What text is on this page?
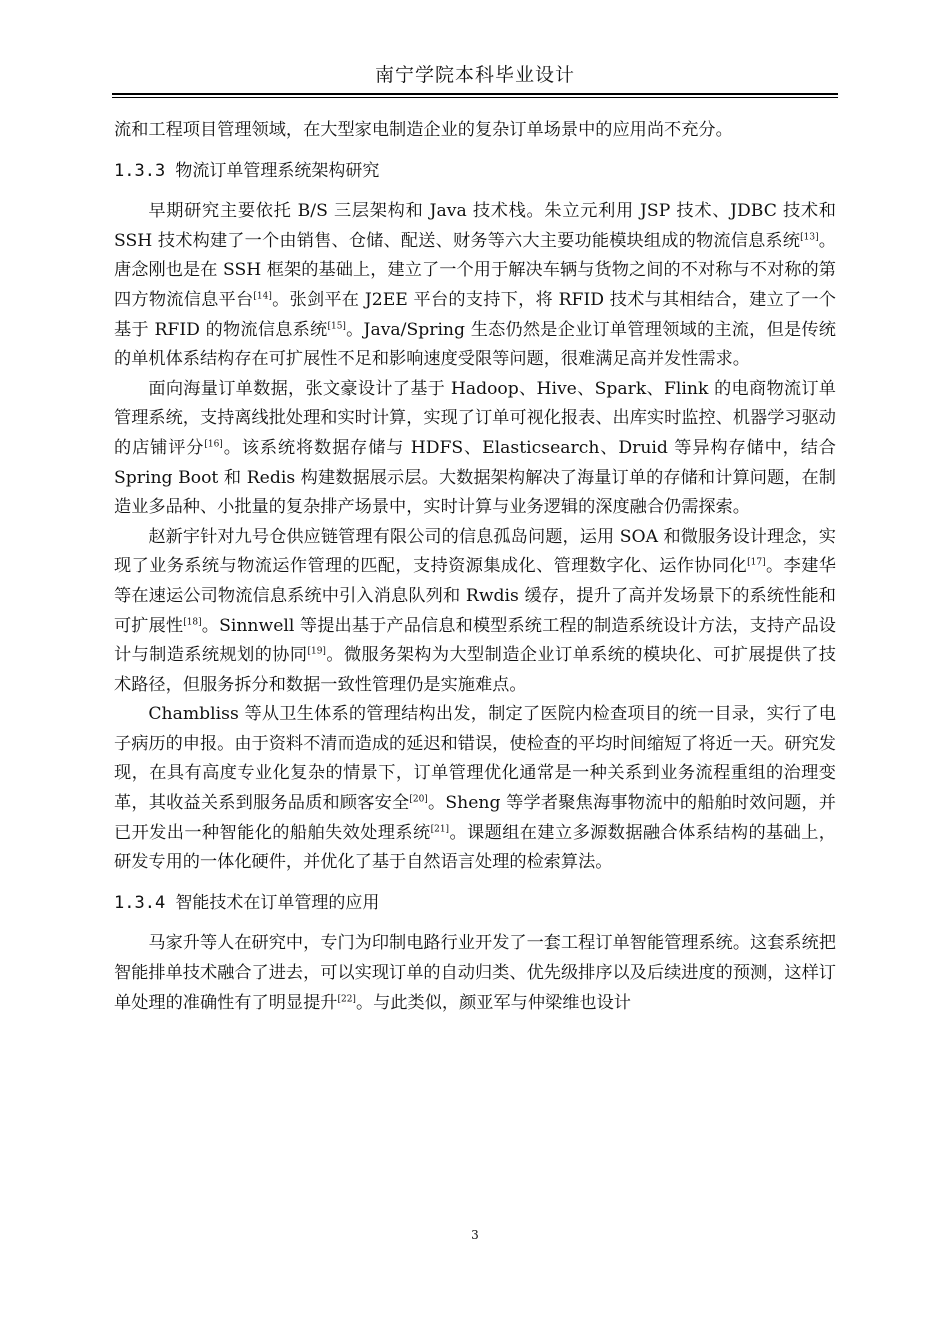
南宁学院本科毕业设计

流和工程项目管理领域，在大型家电制造企业的复杂订单场景中的应用尚不充分。

1.3.3 物流订单管理系统架构研究

早期研究主要依托 B/S 三层架构和 Java 技术栈。朱立元利用 JSP 技术、JDBC 技术和 SSH 技术构建了一个由销售、仓储、配送、财务等六大主要功能模块组成的物流信息系统[13]。唐念刚也是在 SSH 框架的基础上，建立了一个用于解决车辆与货物之间的不对称与不对称的第四方物流信息平台[14]。张剑平在 J2EE 平台的支持下，将 RFID 技术与其相结合，建立了一个基于 RFID 的物流信息系统[15]。Java/Spring 生态仍然是企业订单管理领域的主流，但是传统的单机体系结构存在可扩展性不足和影响速度受限等问题，很难满足高并发性需求。

面向海量订单数据，张文豪设计了基于 Hadoop、Hive、Spark、Flink 的电商物流订单管理系统，支持离线批处理和实时计算，实现了订单可视化报表、出库实时监控、机器学习驱动的店铺评分[16]。该系统将数据存储与 HDFS、Elasticsearch、Druid 等异构存储中，结合 Spring Boot 和 Redis 构建数据展示层。大数据架构解决了海量订单的存储和计算问题，在制造业多品种、小批量的复杂排产场景中，实时计算与业务逻辑的深度融合仍需探索。

赵新宇针对九号仓供应链管理有限公司的信息孤岛问题，运用 SOA 和微服务设计理念，实现了业务系统与物流运作管理的匹配，支持资源集成化、管理数字化、运作协同化[17]。李建华等在速运公司物流信息系统中引入消息队列和 Rwdis 缓存，提升了高并发场景下的系统性能和可扩展性[18]。Sinnwell 等提出基于产品信息和模型系统工程的制造系统设计方法，支持产品设计与制造系统规划的协同[19]。微服务架构为大型制造企业订单系统的模块化、可扩展提供了技术路径，但服务拆分和数据一致性管理仍是实施难点。

Chambliss 等从卫生体系的管理结构出发，制定了医院内检查项目的统一目录，实行了电子病历的申报。由于资料不清而造成的延迟和错误，使检查的平均时间缩短了将近一天。研究发现，在具有高度专业化复杂的情景下，订单管理优化通常是一种关系到业务流程重组的治理变革，其收益关系到服务品质和顾客安全[20]。Sheng 等学者聚焦海事物流中的船舶时效问题，并已开发出一种智能化的船舶失效处理系统[21]。课题组在建立多源数据融合体系结构的基础上，研发专用的一体化硬件，并优化了基于自然语言处理的检索算法。

1.3.4 智能技术在订单管理的应用

马家升等人在研究中，专门为印制电路行业开发了一套工程订单智能管理系统。这套系统把智能排单技术融合了进去，可以实现订单的自动归类、优先级排序以及后续进度的预测，这样订单处理的准确性有了明显提升[22]。与此类似，颜亚军与仲梁维也设计

3
